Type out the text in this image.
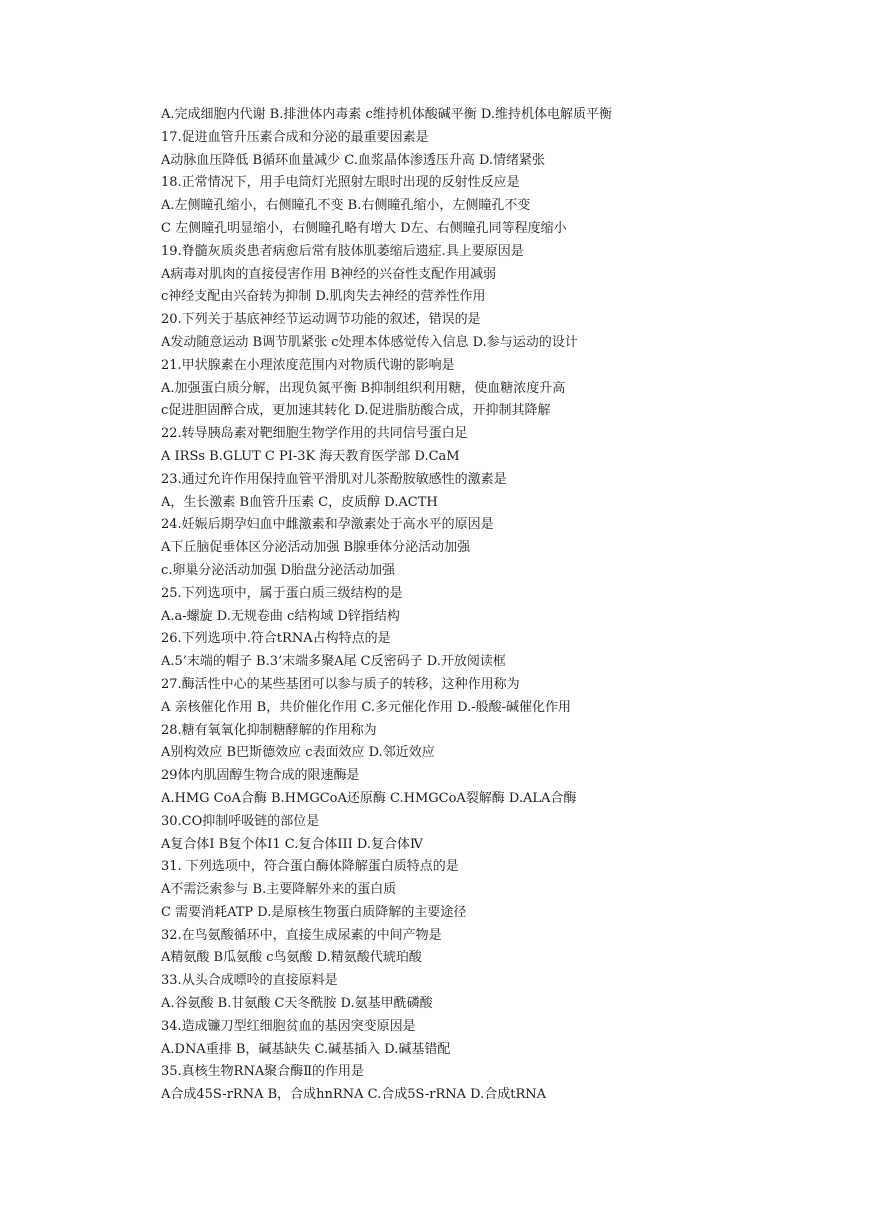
A.完成细胞内代谢 B.排泄体内毒素 c维持机体酸碱平衡 D.维持机体电解质平衡
17.促进血管升压素合成和分泌的最重要因素是
A动脉血压降低 B循环血量减少 C.血浆晶体渗透压升高 D.情绪紧张
18.正常情况下，用手电筒灯光照射左眼时出现的反射性反应是
A.左侧瞳孔缩小，右侧瞳孔不变 B.右侧瞳孔缩小，左侧瞳孔不变
C 左侧瞳孔明显缩小，右侧瞳孔略有增大 D左、右侧瞳孔同等程度缩小
19.脊髓灰质炎患者病愈后常有肢体肌萎缩后遗症.具上要原因是
A病毒对肌肉的直接侵害作用 B神经的兴奋性支配作用减弱
c神经支配由兴奋转为抑制 D.肌肉失去神经的营养性作用
20.下列关于基底神经节运动调节功能的叙述，错误的是
A发动随意运动 B调节肌紧张 c处理本体感觉传入信息 D.参与运动的设计
21.甲状腺素在小理浓度范围内对物质代谢的影响是
A.加强蛋白质分解，出现负氮平衡 B抑制组织利用糖，使血糖浓度升高
c促进胆固醉合成，更加速其转化 D.促进脂肪酸合成，开抑制其降解
22.转导胰岛素对靶细胞生物学作用的共同信号蛋白足
A IRSs B.GLUT C PI-3K 海天教育医学部 D.CaM
23.通过允许作用保持血管平滑肌对儿茶酚胺敏感性的激素是
A，生长激素 B血管升压素 C，皮质醇 D.ACTH
24.妊娠后期孕妇血中雌激素和孕激素处于高水平的原因是
A下丘脑促垂体区分泌活动加强 B腺垂体分泌活动加强
c.卵巢分泌活动加强 D胎盘分泌活动加强
25.下列选项中，属于蛋白质三级结构的是
A.a-螺旋 D.无规卷曲 c结构域 D锌指结构
26.下列选项中.符合tRNA占构特点的是
A.5’末端的帽子 B.3’末端多聚A尾 C反密码子 D.开放阅读框
27.酶活性中心的某些基团可以参与质子的转移，这种作用称为
A 亲核催化作用 B，共价催化作用 C.多元催化作用 D.-般酸-碱催化作用
28.糖有氧氧化抑制糖酵解的作用称为
A别构效应 B巴斯德效应 c表面效应 D.邻近效应
29体内肌固醇生物合成的限速酶是
A.HMG CoA合酶 B.HMGCoA还原酶 C.HMGCoA裂解酶 D.ALA合酶
30.CO抑制呼吸链的部位是
A复合体I B复个体I1 C.复合体III D.复合体Ⅳ
31. 下列选项中，符合蛋白酶体降解蛋白质特点的是
A不需泛索参与 B.主要降解外来的蛋白质
C 需要消耗ATP D.是原核生物蛋白质降解的主要途径
32.在鸟氨酸循环中，直接生成尿素的中间产物是
A精氨酸 B瓜氨酸 c鸟氨酸 D.精氨酸代琥珀酸
33.从头合成嘌呤的直接原料是
A.谷氨酸 B.甘氨酸 C天冬酰胺 D.氨基甲酰磷酸
34.造成镰刀型红细胞贫血的基因突变原因是
A.DNA重排 B，碱基缺失 C.碱基插入 D.碱基错配
35.真核生物RNA聚合酶Ⅱ的作用是
A合成45S-rRNA B，合成hnRNA C.合成5S-rRNA D.合成tRNA
